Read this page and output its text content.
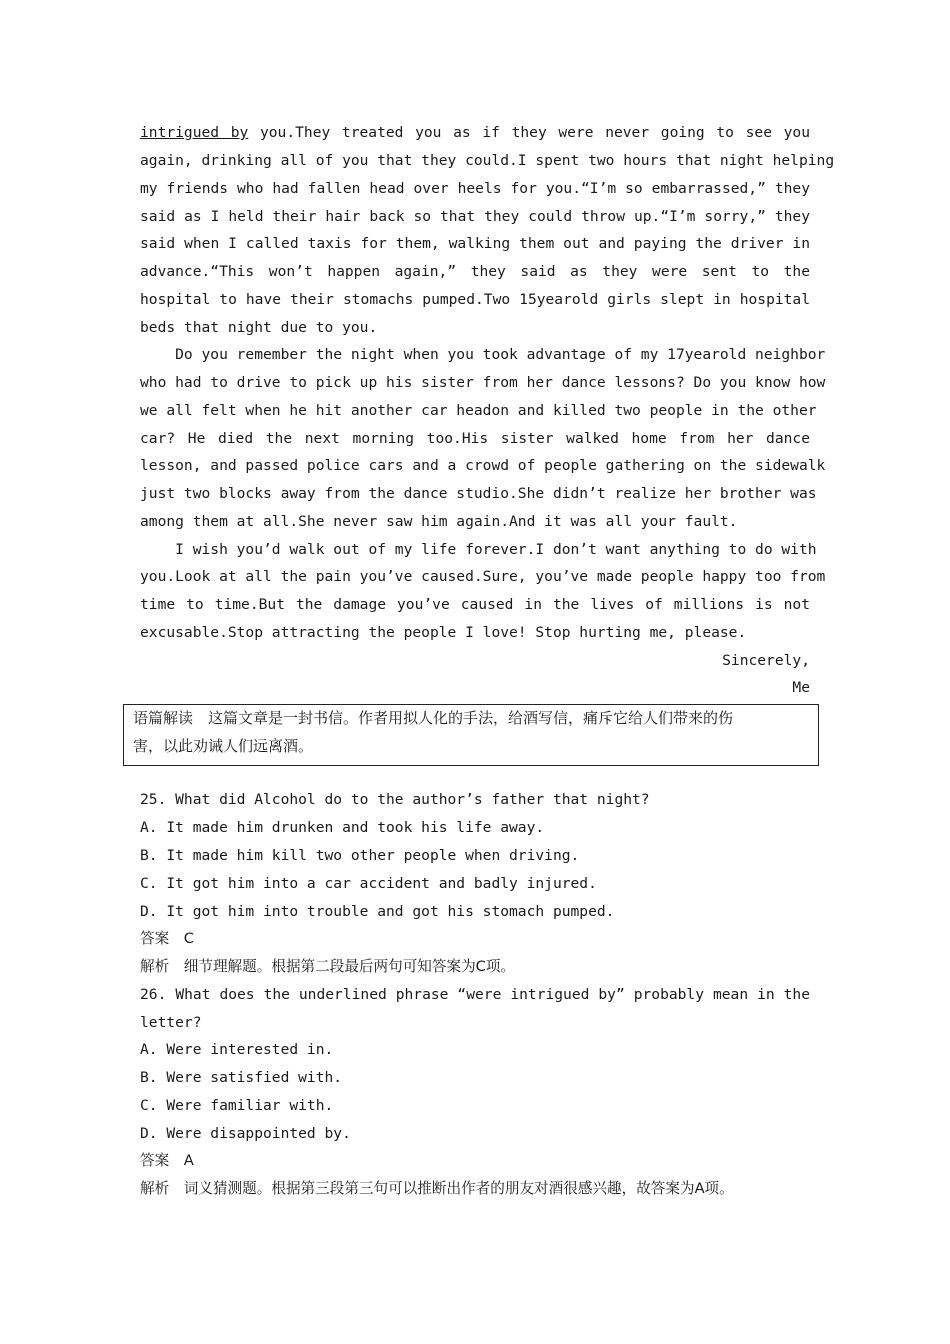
intrigued by you.They treated you as if they were never going to see you
again, drinking all of you that they could.I spent two hours that night helping
my friends who had fallen head over heels for you.“I’m so embarrassed,” they
said as I held their hair back so that they could throw up.“I’m sorry,” they
said when I called taxis for them, walking them out and paying the driver in
advance.“This won’t happen again,” they said as they were sent to the
hospital to have their stomachs pumped.Two 15yearold girls slept in hospital
beds that night due to you.
Do you remember the night when you took advantage of my 17yearold neighbor
who had to drive to pick up his sister from her dance lessons? Do you know how
we all felt when he hit another car headon and killed two people in the other
car? He died the next morning too.His sister walked home from her dance
lesson, and passed police cars and a crowd of people gathering on the sidewalk
just two blocks away from the dance studio.She didn’t realize her brother was
among them at all.She never saw him again.And it was all your fault.
I wish you’d walk out of my life forever.I don’t want anything to do with
you.Look at all the pain you’ve caused.Sure, you’ve made people happy too from
time to time.But the damage you’ve caused in the lives of millions is not
excusable.Stop attracting the people I love! Stop hurting me, please.
Sincerely,
Me
语篇解读　这篇文章是一封书信。作者用拟人化的手法，给酒写信，痛斥它给人们带来的伤
害，以此劝诫人们远离酒。
25. What did Alcohol do to the author’s father that night?
A. It made him drunken and took his life away.
B. It made him kill two other people when driving.
C. It got him into a car accident and badly injured.
D. It got him into trouble and got his stomach pumped.
答案　C
解析　细节理解题。根据第二段最后两句可知答案为C项。
26. What does the underlined phrase “were intrigued by” probably mean in the
letter?
A. Were interested in.
B. Were satisfied with.
C. Were familiar with.
D. Were disappointed by.
答案　A
解析　词义猜测题。根据第三段第三句可以推断出作者的朋友对酒很感兴趣，故答案为A项。
